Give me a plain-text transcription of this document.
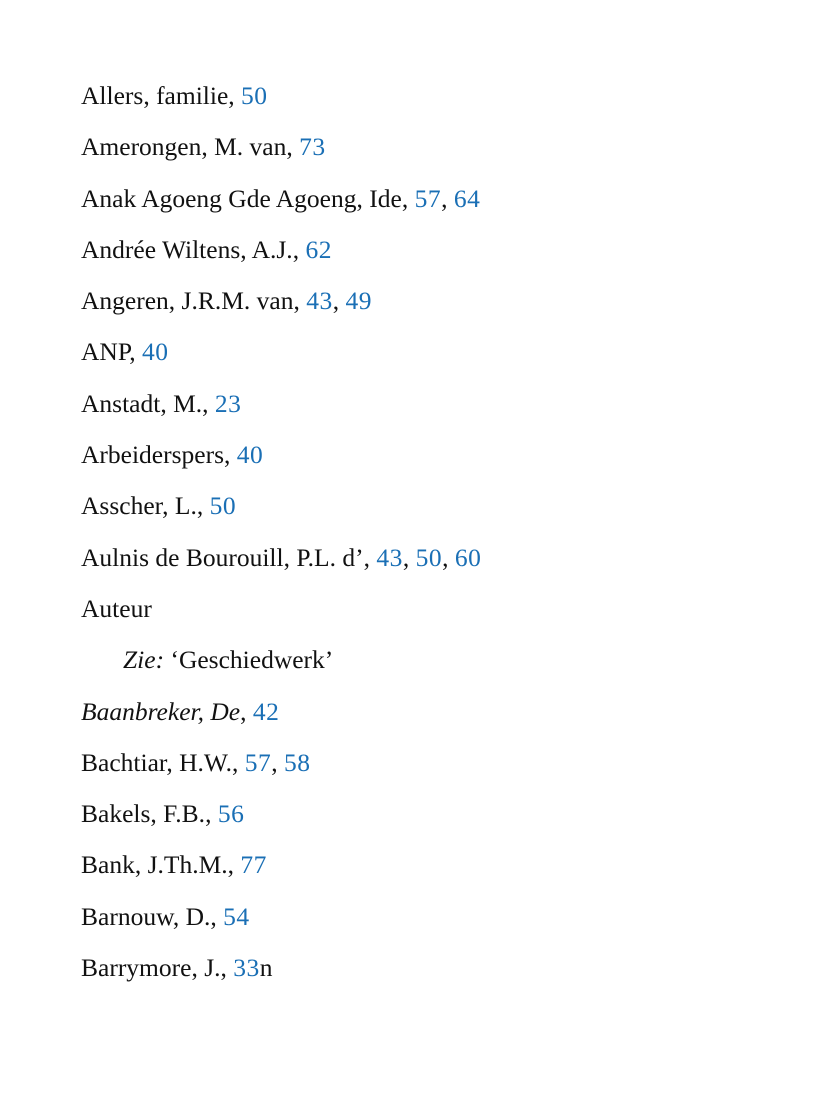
Allers, familie, 50
Amerongen, M. van, 73
Anak Agoeng Gde Agoeng, Ide, 57, 64
Andrée Wiltens, A.J., 62
Angeren, J.R.M. van, 43, 49
ANP, 40
Anstadt, M., 23
Arbeiderspers, 40
Asscher, L., 50
Aulnis de Bourouill, P.L. d’, 43, 50, 60
Auteur
Zie: ‘Geschiedwerk’
Baanbreker, De, 42
Bachtiar, H.W., 57, 58
Bakels, F.B., 56
Bank, J.Th.M., 77
Barnouw, D., 54
Barrymore, J., 33n
